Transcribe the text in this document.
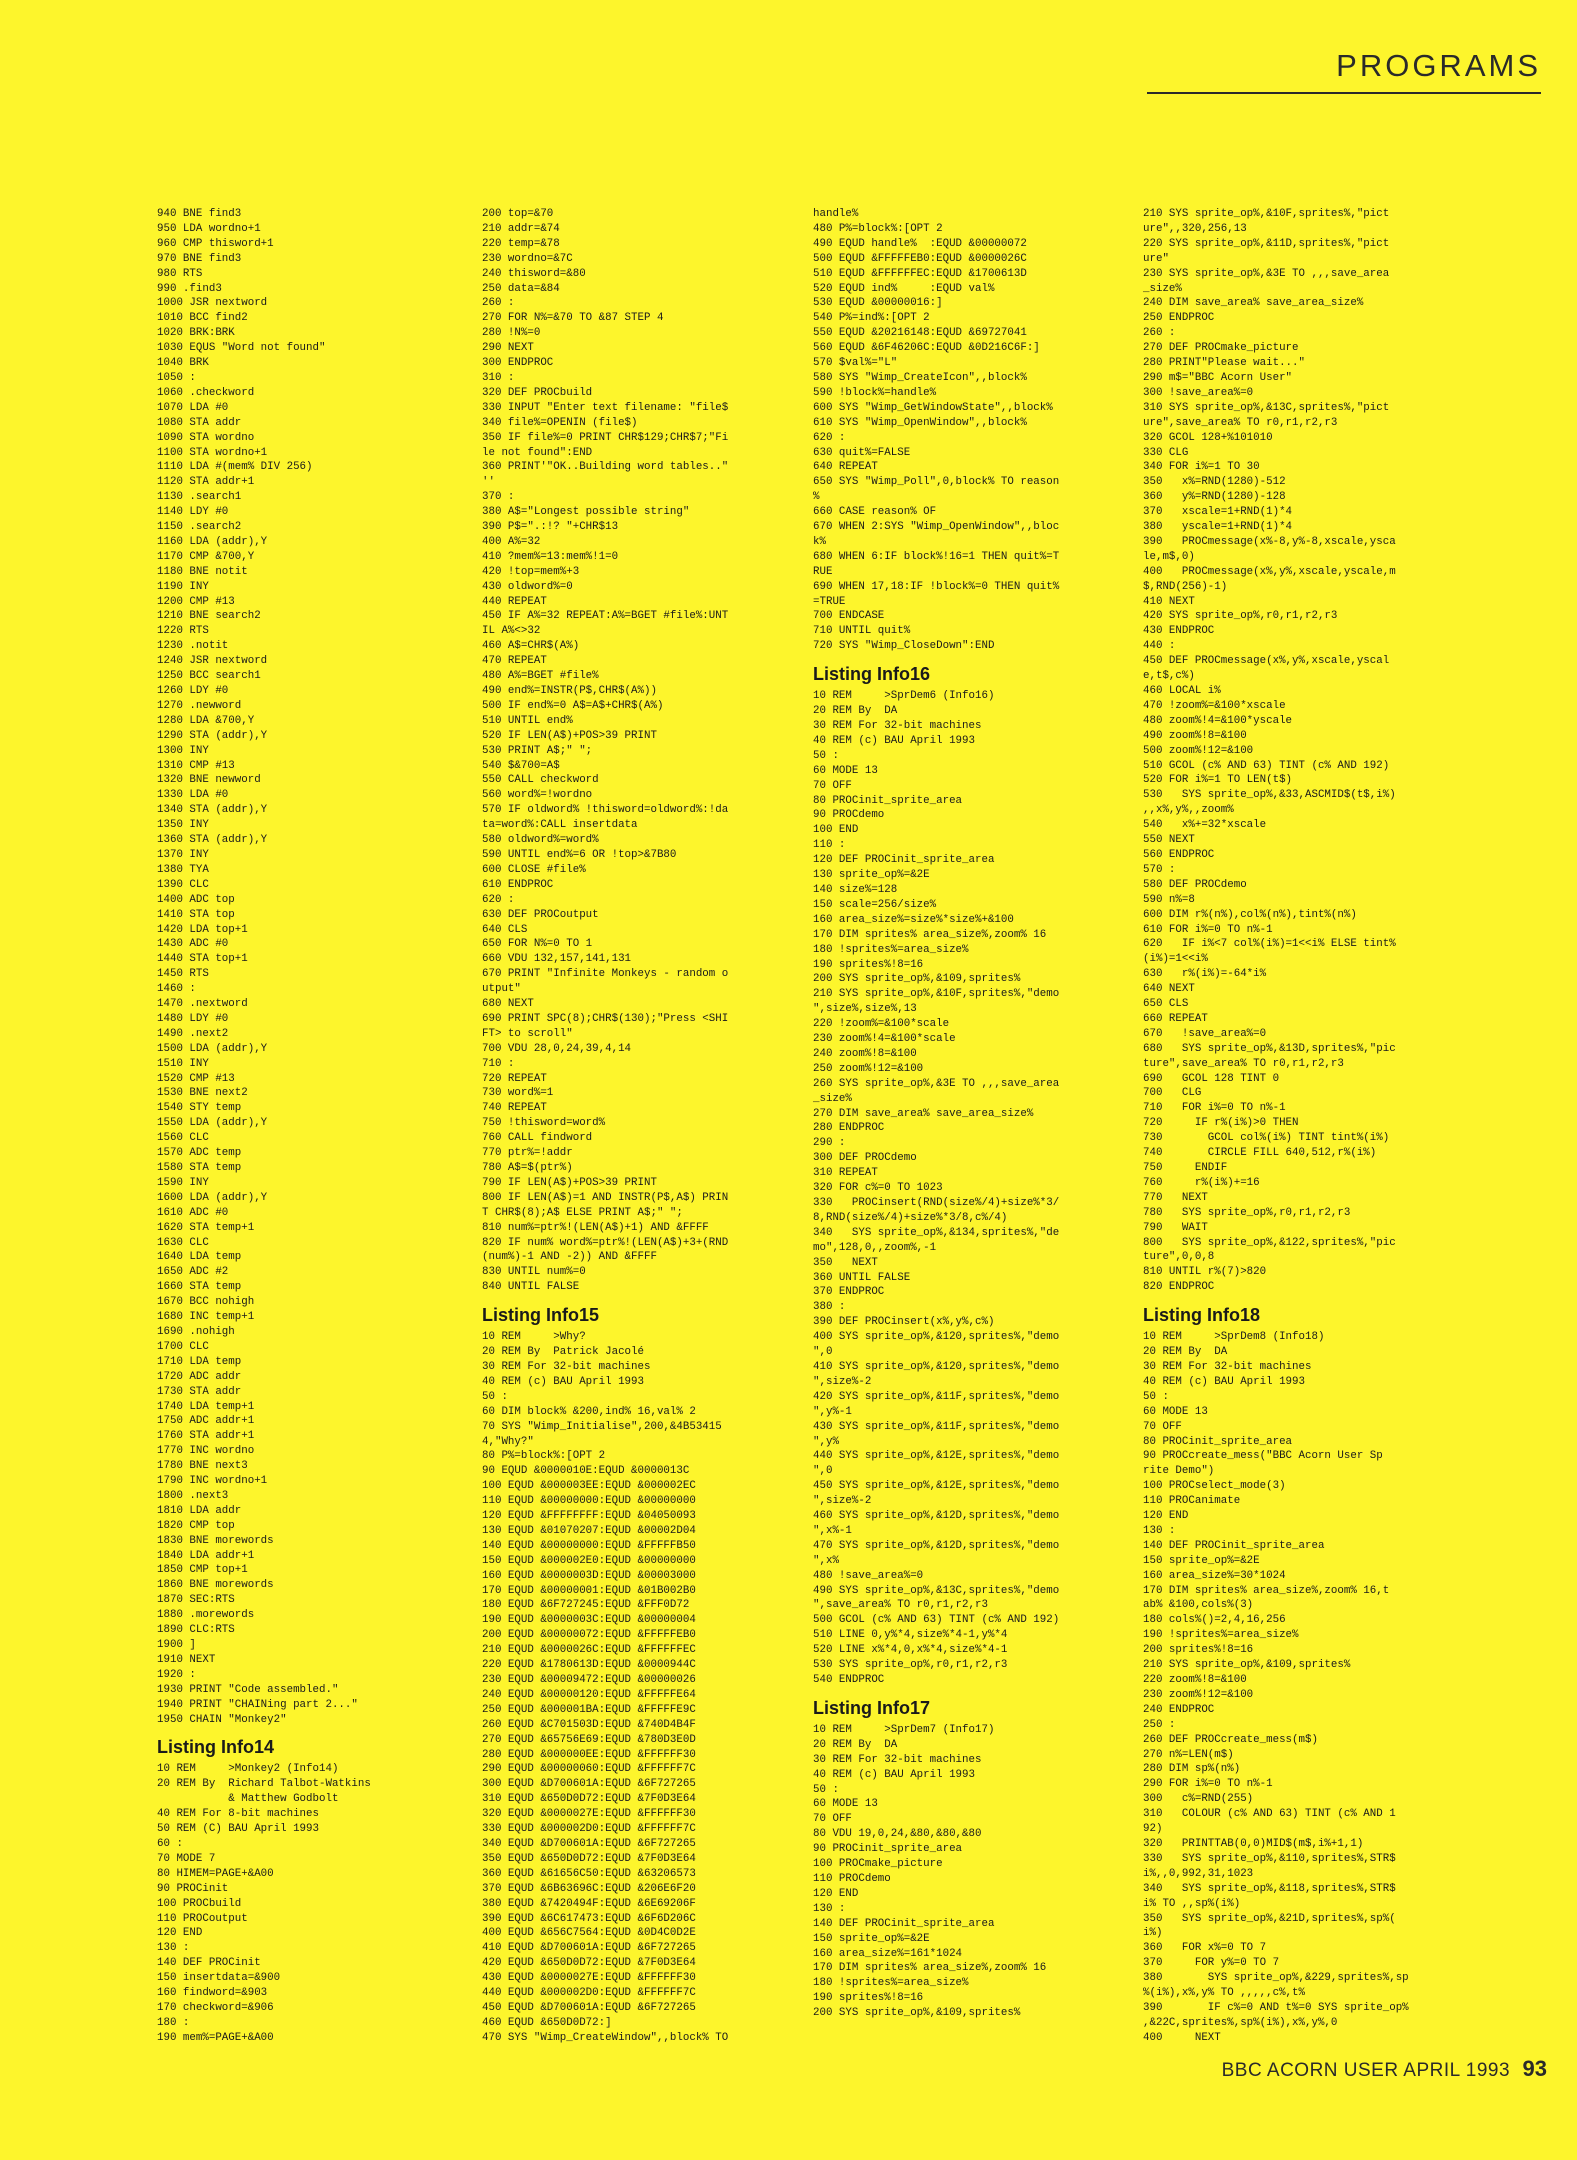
PROGRAMS
940 BNE find3
950 LDA wordno+1
960 CMP thisword+1
970 BNE find3
980 RTS
990 .find3
1000 JSR nextword
1010 BCC find2
1020 BRK:BRK
1030 EQUS "Word not found"
1040 BRK
1050 :
1060 .checkword
1070 LDA #0
1080 STA addr
1090 STA wordno
1100 STA wordno+1
1110 LDA #(mem% DIV 256)
1120 STA addr+1
1130 .search1
1140 LDY #0
1150 .search2
1160 LDA (addr),Y
1170 CMP &700,Y
1180 BNE notit
1190 INY
1200 CMP #13
1210 BNE search2
1220 RTS
1230 .notit
1240 JSR nextword
1250 BCC search1
1260 LDY #0
1270 .newword
1280 LDA &700,Y
1290 STA (addr),Y
1300 INY
1310 CMP #13
1320 BNE newword
1330 LDA #0
1340 STA (addr),Y
1350 INY
1360 STA (addr),Y
1370 INY
1380 TYA
1390 CLC
1400 ADC top
1410 STA top
1420 LDA top+1
1430 ADC #0
1440 STA top+1
1450 RTS
1460 :
1470 .nextword
1480 LDY #0
1490 .next2
1500 LDA (addr),Y
1510 INY
1520 CMP #13
1530 BNE next2
1540 STY temp
1550 LDA (addr),Y
1560 CLC
1570 ADC temp
1580 STA temp
1590 INY
1600 LDA (addr),Y
1610 ADC #0
1620 STA temp+1
1630 CLC
1640 LDA temp
1650 ADC #2
1660 STA temp
1670 BCC nohigh
1680 INC temp+1
1690 .nohigh
1700 CLC
1710 LDA temp
1720 ADC addr
1730 STA addr
1740 LDA temp+1
1750 ADC addr+1
1760 STA addr+1
1770 INC wordno
1780 BNE next3
1790 INC wordno+1
1800 .next3
1810 LDA addr
1820 CMP top
1830 BNE morewords
1840 LDA addr+1
1850 CMP top+1
1860 BNE morewords
1870 SEC:RTS
1880 .morewords
1890 CLC:RTS
1900 ]
1910 NEXT
1920 :
1930 PRINT "Code assembled."
1940 PRINT "CHAINing part 2..."
1950 CHAIN "Monkey2"
Listing Info14
10 REM     >Monkey2 (Info14)
20 REM By  Richard Talbot-Watkins
& Matthew Godbolt
40 REM For 8-bit machines
50 REM (C) BAU April 1993
60 :
70 MODE 7
80 HIMEM=PAGE+&A00
90 PROCinit
100 PROCbuild
110 PROCoutput
120 END
130 :
140 DEF PROCinit
150 insertdata=&900
160 findword=&903
170 checkword=&906
180 :
190 mem%=PAGE+&A00
200 top=&70
210 addr=&74
220 temp=&78
230 wordno=&7C
240 thisword=&80
250 data=&84
260 :
270 FOR N%=&70 TO &87 STEP 4
280 !N%=0
290 NEXT
300 ENDPROC
310 :
320 DEF PROCbuild
330 INPUT "Enter text filename: "file$
340 file%=OPENIN (file$)
350 IF file%=0 PRINT CHR$129;CHR$7;"Fi
le not found":END
360 PRINT'"OK..Building word tables.."
''
370 :
380 A$="Longest possible string"
390 P$=".:!? "+CHR$13
400 A%=32
410 ?mem%=13:mem%!1=0
420 !top=mem%+3
430 oldword%=0
440 REPEAT
450 IF A%=32 REPEAT:A%=BGET #file%:UNT
IL A%<>32
460 A$=CHR$(A%)
470 REPEAT
480 A%=BGET #file%
490 end%=INSTR(P$,CHR$(A%))
500 IF end%=0 A$=A$+CHR$(A%)
510 UNTIL end%
520 IF LEN(A$)+POS>39 PRINT
530 PRINT A$;" ";
540 $&700=A$
550 CALL checkword
560 word%=!wordno
570 IF oldword% !thisword=oldword%:!da
ta=word%:CALL insertdata
580 oldword%=word%
590 UNTIL end%=6 OR !top>&7B80
600 CLOSE #file%
610 ENDPROC
620 :
630 DEF PROCoutput
640 CLS
650 FOR N%=0 TO 1
660 VDU 132,157,141,131
670 PRINT "Infinite Monkeys - random o
utput"
680 NEXT
690 PRINT SPC(8);CHR$(130);"Press <SHI
FT> to scroll"
700 VDU 28,0,24,39,4,14
710 :
720 REPEAT
730 word%=1
740 REPEAT
750 !thisword=word%
760 CALL findword
770 ptr%=!addr
780 A$=$(ptr%)
790 IF LEN(A$)+POS>39 PRINT
800 IF LEN(A$)=1 AND INSTR(P$,A$) PRIN
T CHR$(8);A$ ELSE PRINT A$;" ";
810 num%=ptr%!(LEN(A$)+1) AND &FFFF
820 IF num% word%=ptr%!(LEN(A$)+3+(RND
(num%)-1 AND -2)) AND &FFFF
830 UNTIL num%=0
840 UNTIL FALSE
Listing Info15
10 REM     >Why?
20 REM By  Patrick Jacolé
30 REM For 32-bit machines
40 REM (c) BAU April 1993
50 :
60 DIM block% &200,ind% 16,val% 2
70 SYS "Wimp_Initialise",200,&4B53415
4,"Why?"
80 P%=block%:[OPT 2
90 EQUD &0000010E:EQUD &0000013C
100 EQUD &000003EE:EQUD &000002EC
110 EQUD &00000000:EQUD &00000000
120 EQUD &FFFFFFFF:EQUD &04050093
130 EQUD &01070207:EQUD &00002D04
140 EQUD &00000000:EQUD &FFFFFB50
150 EQUD &000002E0:EQUD &00000000
160 EQUD &0000003D:EQUD &00003000
170 EQUD &00000001:EQUD &01B002B0
180 EQUD &6F727245:EQUD &FFF0D72
190 EQUD &0000003C:EQUD &00000004
200 EQUD &00000072:EQUD &FFFFFEB0
210 EQUD &0000026C:EQUD &FFFFFFEC
220 EQUD &1780613D:EQUD &0000944C
230 EQUD &00009472:EQUD &00000026
240 EQUD &00000120:EQUD &FFFFFE64
250 EQUD &000001BA:EQUD &FFFFFE9C
260 EQUD &C701503D:EQUD &740D4B4F
270 EQUD &65756E69:EQUD &780D3E0D
280 EQUD &000000EE:EQUD &FFFFFF30
290 EQUD &00000060:EQUD &FFFFFF7C
300 EQUD &D700601A:EQUD &6F727265
310 EQUD &650D0D72:EQUD &7F0D3E64
320 EQUD &0000027E:EQUD &FFFFFF30
330 EQUD &000002D0:EQUD &FFFFFF7C
340 EQUD &D700601A:EQUD &6F727265
350 EQUD &650D0D72:EQUD &7F0D3E64
360 EQUD &61656C50:EQUD &63206573
370 EQUD &6B63696C:EQUD &206E6F20
380 EQUD &7420494F:EQUD &6E69206F
390 EQUD &6C617473:EQUD &6F6D206C
400 EQUD &656C7564:EQUD &0D4C0D2E
410 EQUD &D700601A:EQUD &6F727265
420 EQUD &650D0D72:EQUD &7F0D3E64
430 EQUD &0000027E:EQUD &FFFFFF30
440 EQUD &000002D0:EQUD &FFFFFF7C
450 EQUD &D700601A:EQUD &6F727265
460 EQUD &650D0D72:]
470 SYS "Wimp_CreateWindow",,block% TO
handle%
480 P%=block%:[OPT 2
490 EQUD handle%  :EQUD &00000072
500 EQUD &FFFFFEB0:EQUD &0000026C
510 EQUD &FFFFFFEC:EQUD &1700613D
520 EQUD ind%     :EQUD val%
530 EQUD &00000016:]
540 P%=ind%:[OPT 2
550 EQUD &20216148:EQUD &69727041
560 EQUD &6F46206C:EQUD &0D216C6F:]
570 $val%="L"
580 SYS "Wimp_CreateIcon",,block%
590 !block%=handle%
600 SYS "Wimp_GetWindowState",,block%
610 SYS "Wimp_OpenWindow",,block%
620 :
630 quit%=FALSE
640 REPEAT
650 SYS "Wimp_Poll",0,block% TO reason
%
660 CASE reason% OF
670 WHEN 2:SYS "Wimp_OpenWindow",,bloc
k%
680 WHEN 6:IF block%!16=1 THEN quit%=T
RUE
690 WHEN 17,18:IF !block%=0 THEN quit%
=TRUE
700 ENDCASE
710 UNTIL quit%
720 SYS "Wimp_CloseDown":END
Listing Info16
10 REM     >SprDem6 (Info16)
20 REM By  DA
30 REM For 32-bit machines
40 REM (c) BAU April 1993
50 :
60 MODE 13
70 OFF
80 PROCinit_sprite_area
90 PROCdemo
100 END
110 :
120 DEF PROCinit_sprite_area
130 sprite_op%=&2E
140 size%=128
150 scale=256/size%
160 area_size%=size%*size%+&100
170 DIM sprites% area_size%,zoom% 16
180 !sprites%=area_size%
190 sprites%!8=16
200 SYS sprite_op%,&109,sprites%
210 SYS sprite_op%,&10F,sprites%,"demo
",size%,size%,13
220 !zoom%=&100*scale
230 zoom%!4=&100*scale
240 zoom%!8=&100
250 zoom%!12=&100
260 SYS sprite_op%,&3E TO ,,,save_area
_size%
270 DIM save_area% save_area_size%
280 ENDPROC
290 :
300 DEF PROCdemo
310 REPEAT
320 FOR c%=0 TO 1023
330   PROCinsert(RND(size%/4)+size%*3/
8,RND(size%/4)+size%*3/8,c%/4)
340   SYS sprite_op%,&134,sprites%,"de
mo",128,0,,zoom%,-1
350   NEXT
360 UNTIL FALSE
370 ENDPROC
380 :
390 DEF PROCinsert(x%,y%,c%)
400 SYS sprite_op%,&120,sprites%,"demo
",0
410 SYS sprite_op%,&120,sprites%,"demo
",size%-2
420 SYS sprite_op%,&11F,sprites%,"demo
",y%-1
430 SYS sprite_op%,&11F,sprites%,"demo
",y%
440 SYS sprite_op%,&12E,sprites%,"demo
",0
450 SYS sprite_op%,&12E,sprites%,"demo
",size%-2
460 SYS sprite_op%,&12D,sprites%,"demo
",x%-1
470 SYS sprite_op%,&12D,sprites%,"demo
",x%
480 !save_area%=0
490 SYS sprite_op%,&13C,sprites%,"demo
",save_area% TO r0,r1,r2,r3
500 GCOL (c% AND 63) TINT (c% AND 192)
510 LINE 0,y%*4,size%*4-1,y%*4
520 LINE x%*4,0,x%*4,size%*4-1
530 SYS sprite_op%,r0,r1,r2,r3
540 ENDPROC
Listing Info17
10 REM     >SprDem7 (Info17)
20 REM By  DA
30 REM For 32-bit machines
40 REM (c) BAU April 1993
50 :
60 MODE 13
70 OFF
80 VDU 19,0,24,&80,&80,&80
90 PROCinit_sprite_area
100 PROCmake_picture
110 PROCdemo
120 END
130 :
140 DEF PROCinit_sprite_area
150 sprite_op%=&2E
160 area_size%=161*1024
170 DIM sprites% area_size%,zoom% 16
180 !sprites%=area_size%
190 sprites%!8=16
200 SYS sprite_op%,&109,sprites%
210 SYS sprite_op%,&10F,sprites%,"pict
ure",,320,256,13
220 SYS sprite_op%,&11D,sprites%,"pict
ure"
230 SYS sprite_op%,&3E TO ,,,save_area
_size%
240 DIM save_area% save_area_size%
250 ENDPROC
260 :
270 DEF PROCmake_picture
280 PRINT"Please wait..."
290 m$="BBC Acorn User"
300 !save_area%=0
310 SYS sprite_op%,&13C,sprites%,"pict
ure",save_area% TO r0,r1,r2,r3
320 GCOL 128+%101010
330 CLG
340 FOR i%=1 TO 30
350   x%=RND(1280)-512
360   y%=RND(1280)-128
370   xscale=1+RND(1)*4
380   yscale=1+RND(1)*4
390   PROCmessage(x%-8,y%-8,xscale,ysca
le,m$,0)
400   PROCmessage(x%,y%,xscale,yscale,m
$,RND(256)-1)
410 NEXT
420 SYS sprite_op%,r0,r1,r2,r3
430 ENDPROC
440 :
450 DEF PROCmessage(x%,y%,xscale,yscal
e,t$,c%)
460 LOCAL i%
470 !zoom%=&100*xscale
480 zoom%!4=&100*yscale
490 zoom%!8=&100
500 zoom%!12=&100
510 GCOL (c% AND 63) TINT (c% AND 192)
520 FOR i%=1 TO LEN(t$)
530   SYS sprite_op%,&33,ASCMID$(t$,i%)
,,x%,y%,,zoom%
540   x%+=32*xscale
550 NEXT
560 ENDPROC
570 :
580 DEF PROCdemo
590 n%=8
600 DIM r%(n%),col%(n%),tint%(n%)
610 FOR i%=0 TO n%-1
620   IF i%<7 col%(i%)=1<<i% ELSE tint%
(i%)=1<<i%
630   r%(i%)=-64*i%
640 NEXT
650 CLS
660 REPEAT
670   !save_area%=0
680   SYS sprite_op%,&13D,sprites%,"pic
ture",save_area% TO r0,r1,r2,r3
690   GCOL 128 TINT 0
700   CLG
710   FOR i%=0 TO n%-1
720     IF r%(i%)>0 THEN
730       GCOL col%(i%) TINT tint%(i%)
740       CIRCLE FILL 640,512,r%(i%)
750     ENDIF
760     r%(i%)+=16
770   NEXT
780   SYS sprite_op%,r0,r1,r2,r3
790   WAIT
800   SYS sprite_op%,&122,sprites%,"pic
ture",0,0,8
810 UNTIL r%(7)>820
820 ENDPROC
Listing Info18
10 REM     >SprDem8 (Info18)
20 REM By  DA
30 REM For 32-bit machines
40 REM (c) BAU April 1993
50 :
60 MODE 13
70 OFF
80 PROCinit_sprite_area
90 PROCcreate_mess("BBC Acorn User Sp
rite Demo")
100 PROCselect_mode(3)
110 PROCanimate
120 END
130 :
140 DEF PROCinit_sprite_area
150 sprite_op%=&2E
160 area_size%=30*1024
170 DIM sprites% area_size%,zoom% 16,t
ab% &100,cols%(3)
180 cols%()=2,4,16,256
190 !sprites%=area_size%
200 sprites%!8=16
210 SYS sprite_op%,&109,sprites%
220 zoom%!8=&100
230 zoom%!12=&100
240 ENDPROC
250 :
260 DEF PROCcreate_mess(m$)
270 n%=LEN(m$)
280 DIM sp%(n%)
290 FOR i%=0 TO n%-1
300   c%=RND(255)
310   COLOUR (c% AND 63) TINT (c% AND 1
92)
320   PRINTTAB(0,0)MID$(m$,i%+1,1)
330   SYS sprite_op%,&110,sprites%,STR$
i%,,0,992,31,1023
340   SYS sprite_op%,&118,sprites%,STR$
i% TO ,,sp%(i%)
350   SYS sprite_op%,&21D,sprites%,sp%(
i%)
360   FOR x%=0 TO 7
370     FOR y%=0 TO 7
380       SYS sprite_op%,&229,sprites%,sp
%(i%),x%,y% TO ,,,,,c%,t%
390       IF c%=0 AND t%=0 SYS sprite_op%
,&22C,sprites%,sp%(i%),x%,y%,0
400     NEXT
BBC ACORN USER APRIL 1993 93
